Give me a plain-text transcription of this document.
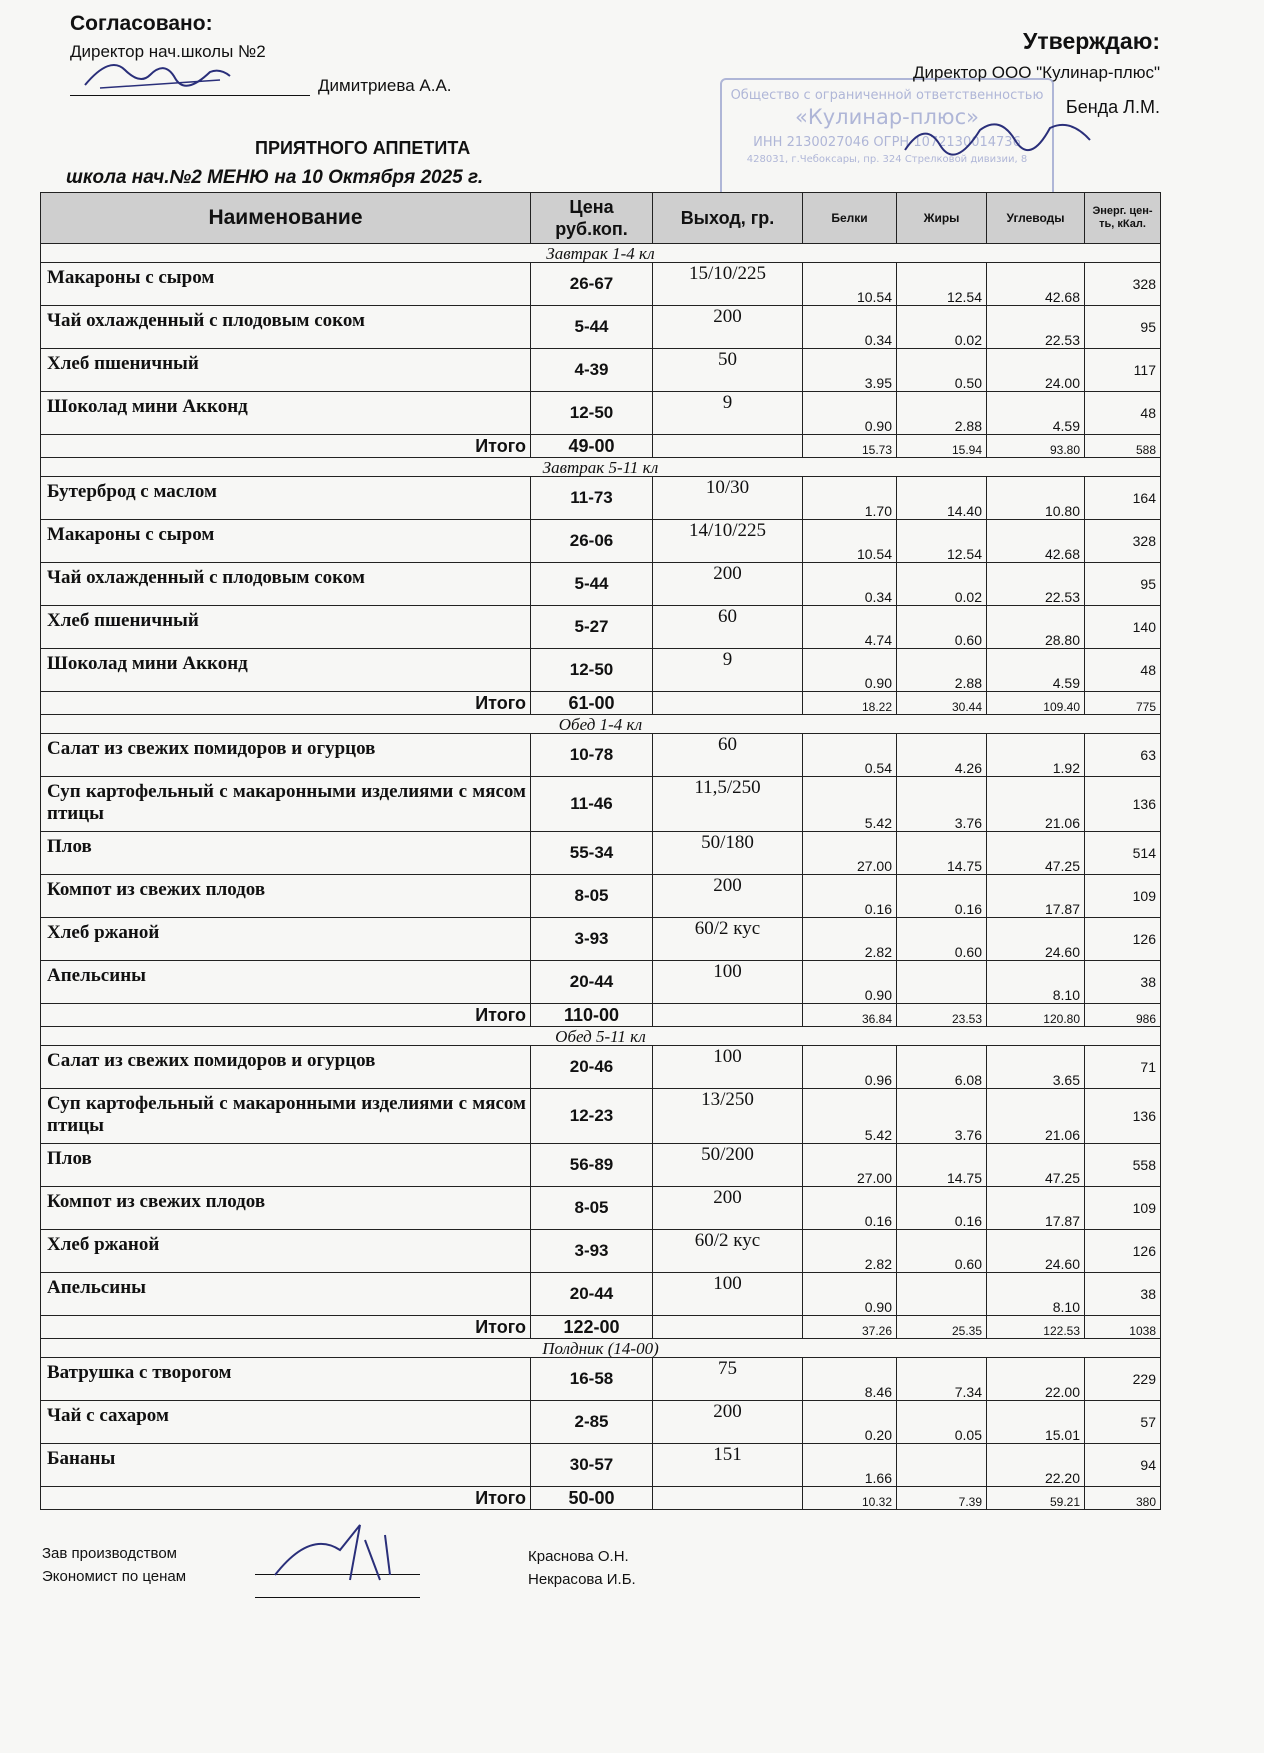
Согласовано:
Директор нач.школы №2
Димитриева А.А.
Общество с ограниченной ответственностью
«Кулинар-плюс»
ИНН 2130027046 ОГРН 1072130014736
428031, г.Чебоксары, пр. 324 Стрелковой дивизии, 8
Утверждаю:
Директор ООО "Кулинар-плюс"
Бенда Л.М.
ПРИЯТНОГО АППЕТИТА
школа нач.№2 МЕНЮ на 10 Октября 2025 г.
Наименование	Цена руб.коп.	Выход, гр.	Белки	Жиры	Углеводы	Энерг. цен-ть, кКал.
Завтрак 1-4 кл						
Макароны с сыром	26-67	15/10/225	10.54	12.54	42.68	328
Чай охлажденный с плодовым соком	5-44	200	0.34	0.02	22.53	95
Хлеб пшеничный	4-39	50	3.95	0.50	24.00	117
Шоколад мини Акконд	12-50	9	0.90	2.88	4.59	48
Итого	49-00		15.73	15.94	93.80	588
Завтрак 5-11 кл						
Бутерброд с маслом	11-73	10/30	1.70	14.40	10.80	164
Макароны с сыром	26-06	14/10/225	10.54	12.54	42.68	328
Чай охлажденный с плодовым соком	5-44	200	0.34	0.02	22.53	95
Хлеб пшеничный	5-27	60	4.74	0.60	28.80	140
Шоколад мини Акконд	12-50	9	0.90	2.88	4.59	48
Итого	61-00		18.22	30.44	109.40	775
Обед 1-4 кл						
Салат из свежих помидоров и огурцов	10-78	60	0.54	4.26	1.92	63
Суп картофельный с макаронными изделиями с мясом птицы	11-46	11,5/250	5.42	3.76	21.06	136
Плов	55-34	50/180	27.00	14.75	47.25	514
Компот из свежих плодов	8-05	200	0.16	0.16	17.87	109
Хлеб ржаной	3-93	60/2 кус	2.82	0.60	24.60	126
Апельсины	20-44	100	0.90		8.10	38
Итого	110-00		36.84	23.53	120.80	986
Обед 5-11 кл						
Салат из свежих помидоров и огурцов	20-46	100	0.96	6.08	3.65	71
Суп картофельный с макаронными изделиями с мясом птицы	12-23	13/250	5.42	3.76	21.06	136
Плов	56-89	50/200	27.00	14.75	47.25	558
Компот из свежих плодов	8-05	200	0.16	0.16	17.87	109
Хлеб ржаной	3-93	60/2 кус	2.82	0.60	24.60	126
Апельсины	20-44	100	0.90		8.10	38
Итого	122-00		37.26	25.35	122.53	1038
Полдник (14-00)						
Ватрушка с творогом	16-58	75	8.46	7.34	22.00	229
Чай с сахаром	2-85	200	0.20	0.05	15.01	57
Бананы	30-57	151	1.66		22.20	94
Итого	50-00		10.32	7.39	59.21	380
Зав производством
Экономист по ценам
Краснова О.Н.
Некрасова И.Б.
